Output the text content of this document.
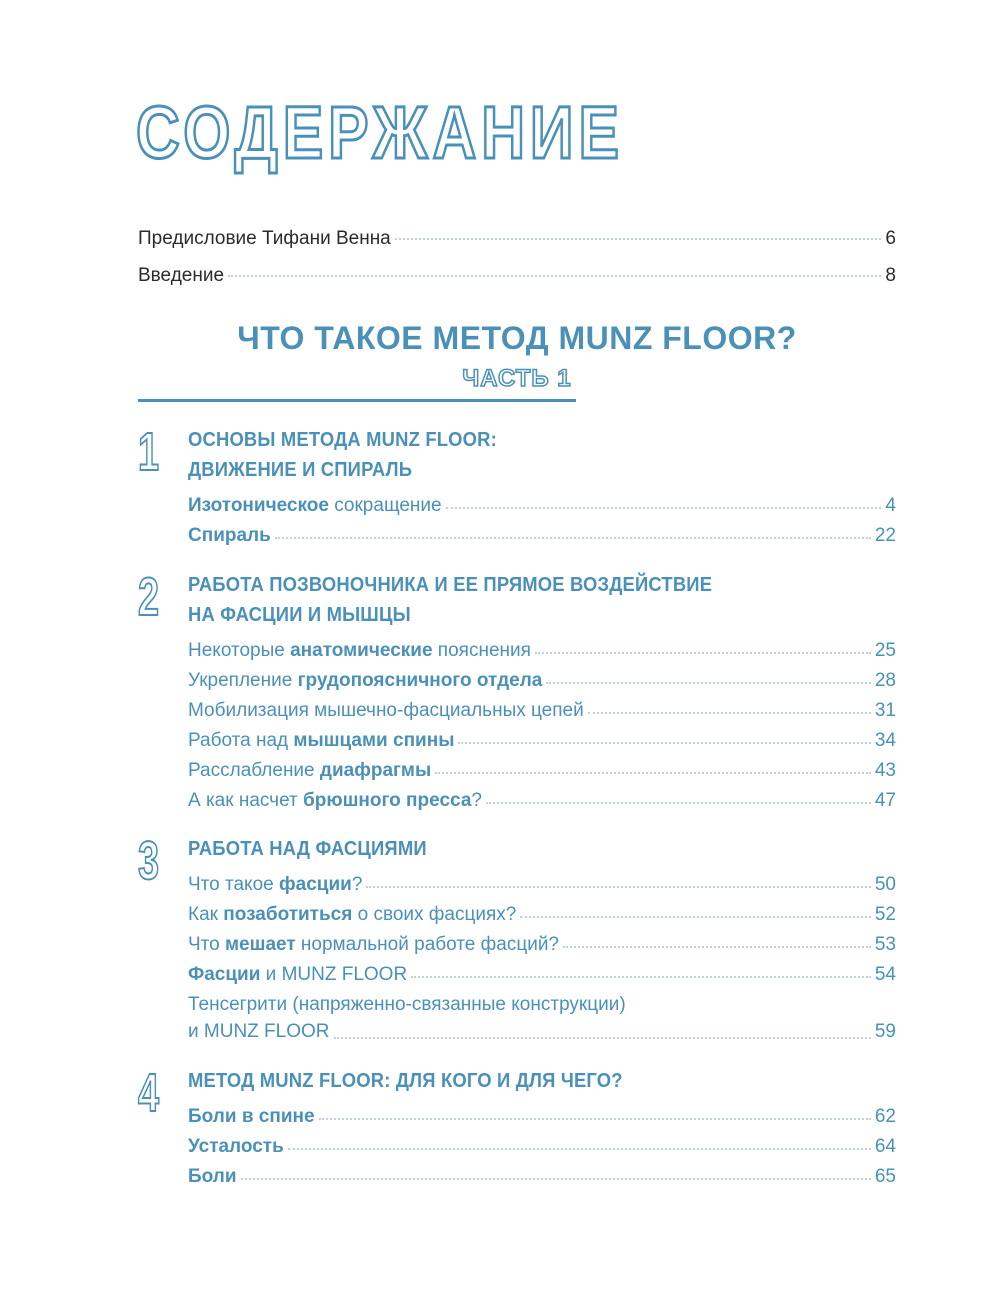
СОДЕРЖАНИЕ
Предисловие Тифани Венна	6
Введение	8
ЧТО ТАКОЕ МЕТОД MUNZ FLOOR?
ЧАСТЬ 1
1 ОСНОВЫ МЕТОДА MUNZ FLOOR:
ДВИЖЕНИЕ И СПИРАЛЬ
Изотоническое сокращение	4
Спираль	22
2 РАБОТА ПОЗВОНОЧНИКА И ЕЕ ПРЯМОЕ ВОЗДЕЙСТВИЕ
НА ФАСЦИИ И МЫШЦЫ
Некоторые анатомические пояснения	25
Укрепление грудопоясничного отдела	28
Мобилизация мышечно-фасциальных цепей	31
Работа над мышцами спины	34
Расслабление диафрагмы	43
А как насчет брюшного пресса?	47
3 РАБОТА НАД ФАСЦИЯМИ
Что такое фасции?	50
Как позаботиться о своих фасциях?	52
Что мешает нормальной работе фасций?	53
Фасции и MUNZ FLOOR	54
Тенсегрити (напряженно-связанные конструкции)
и MUNZ FLOOR	59
4 МЕТОД MUNZ FLOOR: ДЛЯ КОГО И ДЛЯ ЧЕГО?
Боли в спине	62
Усталость	64
Боли	65
